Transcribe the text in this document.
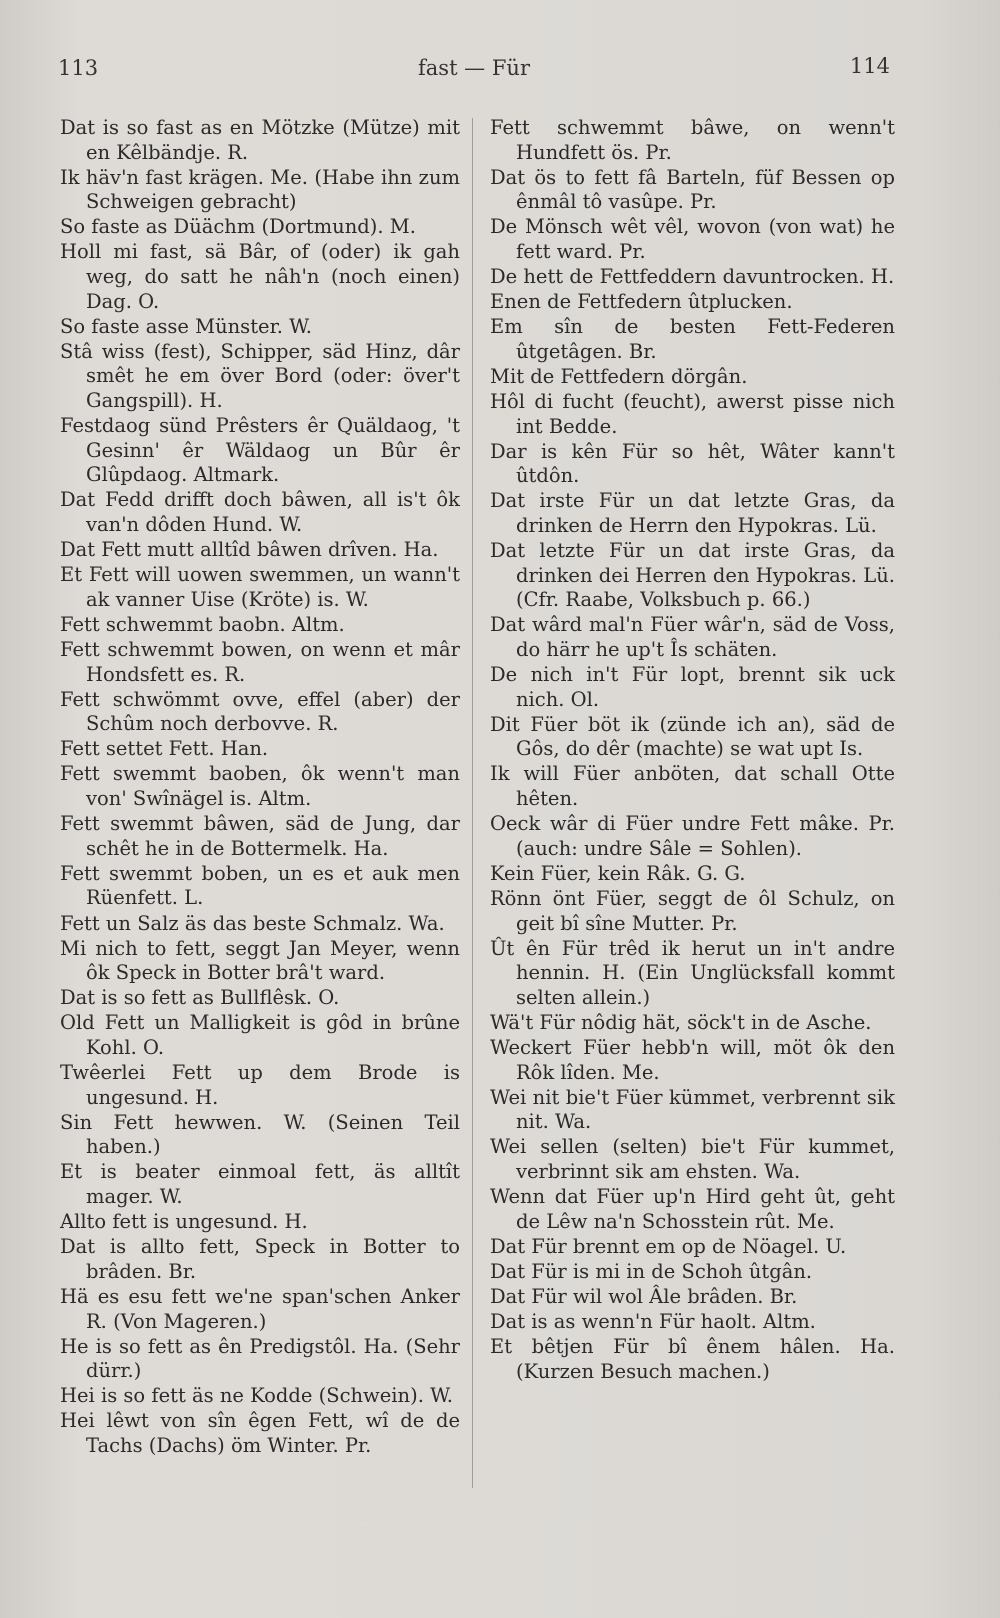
113	fast — Für	114

Dat is so fast as en Mötzke (Mütze) mit en Kêlbändje. R.

Ik häv'n fast krägen. Me. (Habe ihn zum Schweigen gebracht)

So faste as Düächm (Dortmund). M.

Holl mi fast, sä Bâr, of (oder) ik gah weg, do satt he nâh'n (noch einen) Dag. O.

So faste asse Münster. W.

Stâ wiss (fest), Schipper, säd Hinz, dâr smêt he em över Bord (oder: över't Gangspill). H.

Festdaog sünd Prêsters êr Quäldaog, 't Gesinn' êr Wäldaog un Bûr êr Glûpdaog. Altmark.

Dat Fedd drifft doch bâwen, all is't ôk van'n dôden Hund. W.

Dat Fett mutt alltîd bâwen drîven. Ha.

Et Fett will uowen swemmen, un wann't ak vanner Uise (Kröte) is. W.

Fett schwemmt baobn. Altm.

Fett schwemmt bowen, on wenn et mâr Hondsfett es. R.

Fett schwömmt ovve, effel (aber) der Schûm noch derbovve. R.

Fett settet Fett. Han.

Fett swemmt baoben, ôk wenn't man von' Swînägel is. Altm.

Fett swemmt bâwen, säd de Jung, dar schêt he in de Bottermelk. Ha.

Fett swemmt boben, un es et auk men Rüenfett. L.

Fett un Salz äs das beste Schmalz. Wa.

Mi nich to fett, seggt Jan Meyer, wenn ôk Speck in Botter brâ't ward.

Dat is so fett as Bullflêsk. O.

Old Fett un Malligkeit is gôd in brûne Kohl. O.

Twêerlei Fett up dem Brode is ungesund. H.

Sin Fett hewwen. W. (Seinen Teil haben.)

Et is beater einmoal fett, äs alltît mager. W.

Allto fett is ungesund. H.

Dat is allto fett, Speck in Botter to brâden. Br.

Hä es esu fett we'ne span'schen Anker R. (Von Mageren.)

He is so fett as ên Predigstôl. Ha. (Sehr dürr.)

Hei is so fett äs ne Kodde (Schwein). W.

Hei lêwt von sîn êgen Fett, wî de de Tachs (Dachs) öm Winter. Pr.

Fett schwemmt bâwe, on wenn't Hundfett ös. Pr.

Dat ös to fett fâ Barteln, füf Bessen op ênmâl tô vasûpe. Pr.

De Mönsch wêt vêl, wovon (von wat) he fett ward. Pr.

De hett de Fettfeddern davuntrocken. H.

Enen de Fettfedern ûtplucken.

Em sîn de besten Fett-Federen ûtgetâgen. Br.

Mit de Fettfedern dörgân.

Hôl di fucht (feucht), awerst pisse nich int Bedde.

Dar is kên Für so hêt, Wâter kann't ûtdôn.

Dat irste Für un dat letzte Gras, da drinken de Herrn den Hypokras. Lü.

Dat letzte Für un dat irste Gras, da drinken dei Herren den Hypokras. Lü. (Cfr. Raabe, Volksbuch p. 66.)

Dat wârd mal'n Füer wâr'n, säd de Voss, do härr he up't Îs schäten.

De nich in't Für lopt, brennt sik uck nich. Ol.

Dit Füer böt ik (zünde ich an), säd de Gôs, do dêr (machte) se wat upt Is.

Ik will Füer anböten, dat schall Otte hêten.

Oeck wâr di Füer undre Fett mâke. Pr. (auch: undre Sâle = Sohlen).

Kein Füer, kein Râk. G. G.

Rönn önt Füer, seggt de ôl Schulz, on geit bî sîne Mutter. Pr.

Ût ên Für trêd ik herut un in't andre hennin. H. (Ein Unglücksfall kommt selten allein.)

Wä't Für nôdig hät, söck't in de Asche.

Weckert Füer hebb'n will, möt ôk den Rôk lîden. Me.

Wei nit bie't Füer kümmet, verbrennt sik nit. Wa.

Wei sellen (selten) bie't Für kummet, verbrinnt sik am ehsten. Wa.

Wenn dat Füer up'n Hird geht ût, geht de Lêw na'n Schosstein rût. Me.

Dat Für brennt em op de Nöagel. U.

Dat Für is mi in de Schoh ûtgân.

Dat Für wil wol Âle brâden. Br.

Dat is as wenn'n Für haolt. Altm.

Et bêtjen Für bî ênem hâlen. Ha. (Kurzen Besuch machen.)
